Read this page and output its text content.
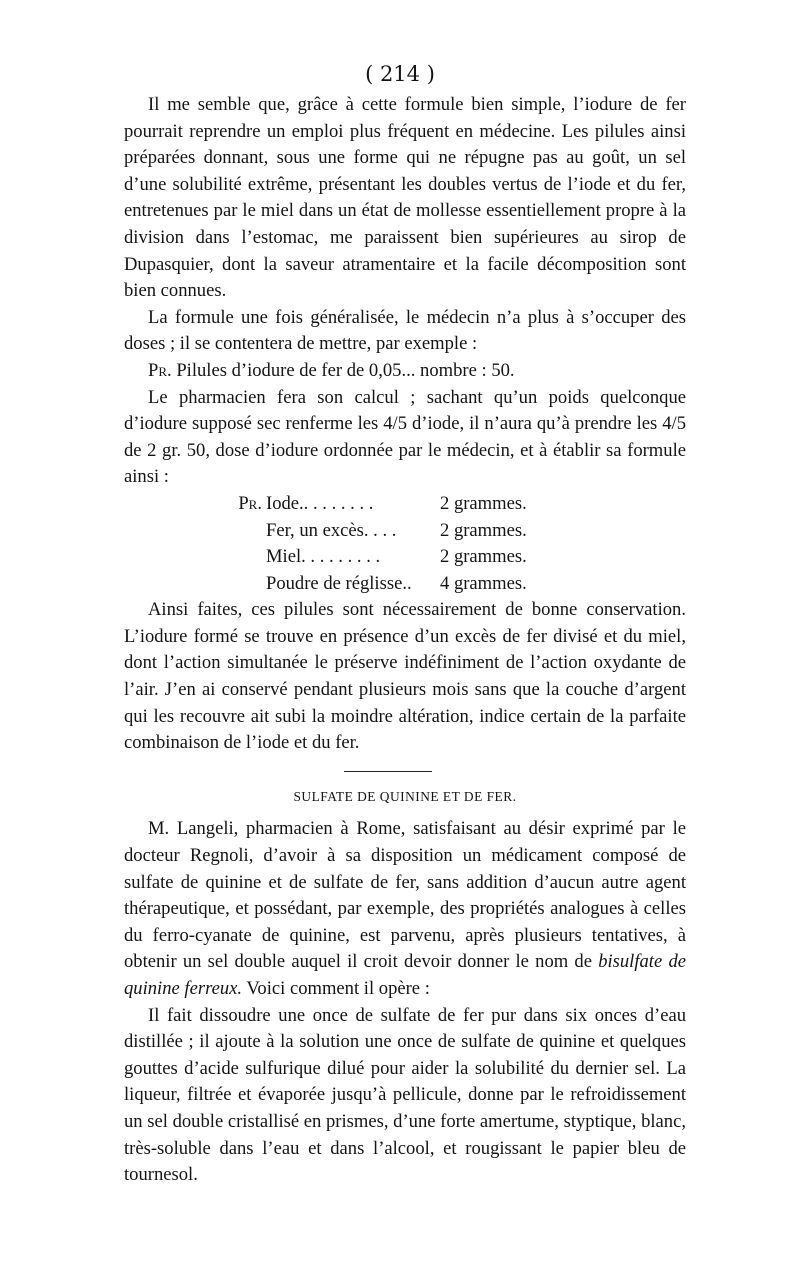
( 214 )

Il me semble que, grâce à cette formule bien simple, l’iodure de fer pourrait reprendre un emploi plus fréquent en médecine. Les pilules ainsi préparées donnant, sous une forme qui ne répugne pas au goût, un sel d’une solubilité extrême, présentant les doubles vertus de l’iode et du fer, entretenues par le miel dans un état de mollesse essentiellement propre à la division dans l’estomac, me paraissent bien supérieures au sirop de Dupasquier, dont la saveur atramentaire et la facile décomposition sont bien connues.

La formule une fois généralisée, le médecin n’a plus à s’occuper des doses ; il se contentera de mettre, par exemple :

Pr. Pilules d’iodure de fer de 0,05... nombre : 50.

Le pharmacien fera son calcul ; sachant qu’un poids quelconque d’iodure supposé sec renferme les 4/5 d’iode, il n’aura qu’à prendre les 4/5 de 2 gr. 50, dose d’iodure ordonnée par le médecin, et à établir sa formule ainsi :

Pr. Iode.. . . . . . . .	2 grammes.
Fer, un excès. . . .	2 grammes.
Miel. . . . . . . . .	2 grammes.
Poudre de réglisse..	4 grammes.

Ainsi faites, ces pilules sont nécessairement de bonne conservation. L’iodure formé se trouve en présence d’un excès de fer divisé et du miel, dont l’action simultanée le préserve indéfiniment de l’action oxydante de l’air. J’en ai conservé pendant plusieurs mois sans que la couche d’argent qui les recouvre ait subi la moindre altération, indice certain de la parfaite combinaison de l’iode et du fer.

SULFATE DE QUININE ET DE FER.

M. Langeli, pharmacien à Rome, satisfaisant au désir exprimé par le docteur Regnoli, d’avoir à sa disposition un médicament composé de sulfate de quinine et de sulfate de fer, sans addition d’aucun autre agent thérapeutique, et possédant, par exemple, des propriétés analogues à celles du ferro-cyanate de quinine, est parvenu, après plusieurs tentatives, à obtenir un sel double auquel il croit devoir donner le nom de bisulfate de quinine ferreux. Voici comment il opère :

Il fait dissoudre une once de sulfate de fer pur dans six onces d’eau distillée ; il ajoute à la solution une once de sulfate de quinine et quelques gouttes d’acide sulfurique dilué pour aider la solubilité du dernier sel. La liqueur, filtrée et évaporée jusqu’à pellicule, donne par le refroidissement un sel double cristallisé en prismes, d’une forte amertume, styptique, blanc, très-soluble dans l’eau et dans l’alcool, et rougissant le papier bleu de tournesol.
